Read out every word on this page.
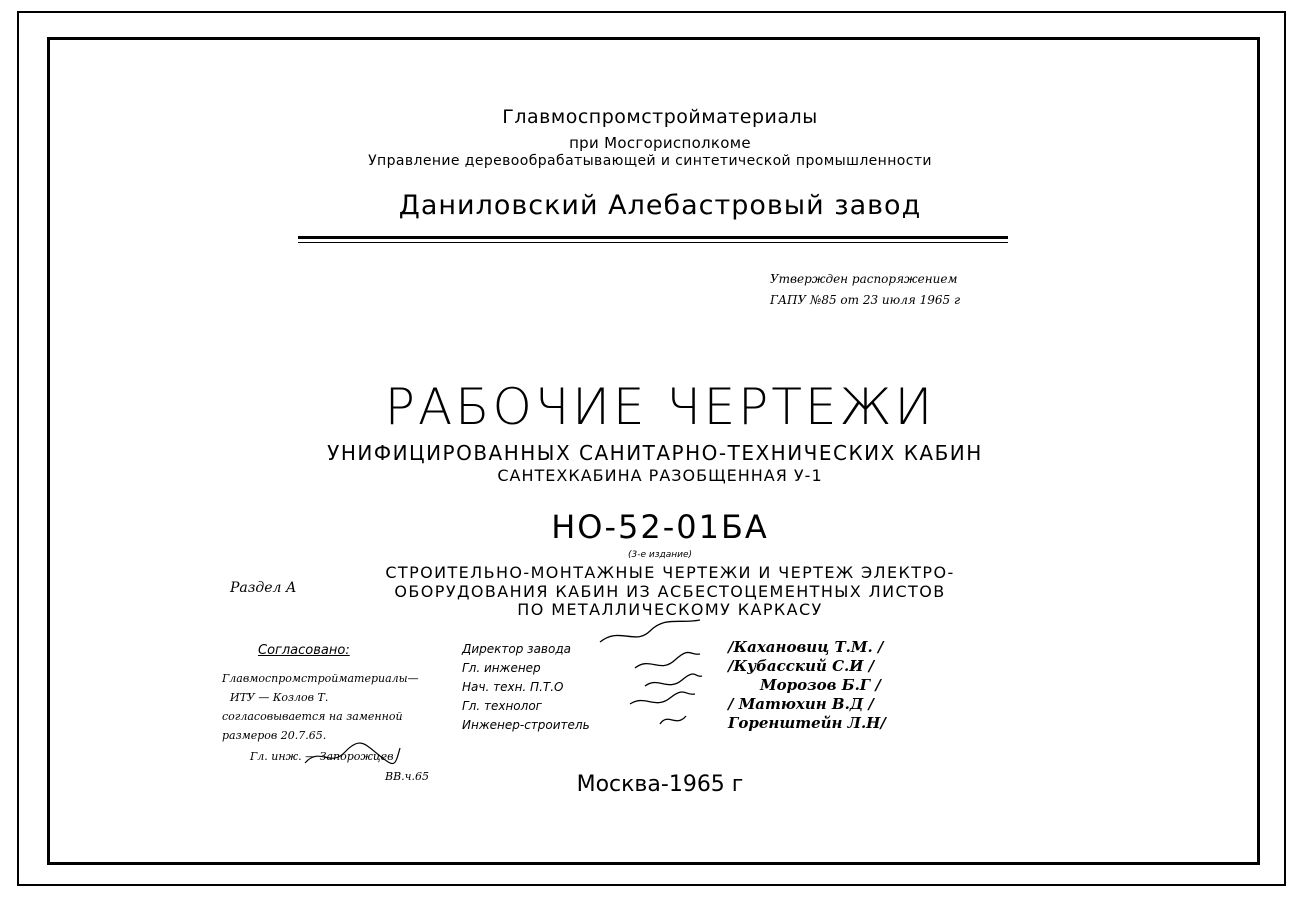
Главмоспромстройматериалы
при Мосгорисполкоме
Управление деревообрабатывающей и синтетической промышленности
Даниловский Алебастровый завод
Утвержден распоряжением
ГАПУ №85 от 23 июля 1965 г
РАБОЧИЕ ЧЕРТЕЖИ
УНИФИЦИРОВАННЫХ САНИТАРНО-ТЕХНИЧЕСКИХ КАБИН
САНТЕХКАБИНА РАЗОБЩЕННАЯ У-1
НО-52-01БА
(3-е издание)
Раздел А
СТРОИТЕЛЬНО-МОНТАЖНЫЕ ЧЕРТЕЖИ И ЧЕРТЕЖ ЭЛЕКТРО-
ОБОРУДОВАНИЯ КАБИН ИЗ АСБЕСТОЦЕМЕНТНЫХ ЛИСТОВ
ПО МЕТАЛЛИЧЕСКОМУ КАРКАСУ
Согласовано:
Главмоспромстройматериалы—
ИТУ — Козлов Т.
согласовывается на заменной
размеров 20.7.65.
Гл. инж. — Запорожцев
ВВ.ч.65
Директор завода
Гл. инженер
Нач. техн. П.Т.О
Гл. технолог
Инженер-строитель
/Кахановиц Т.М. /
/Кубасский С.И /
Морозов Б.Г /
/ Матюхин В.Д /
Горенштейн Л.Н/
Москва-1965 г
